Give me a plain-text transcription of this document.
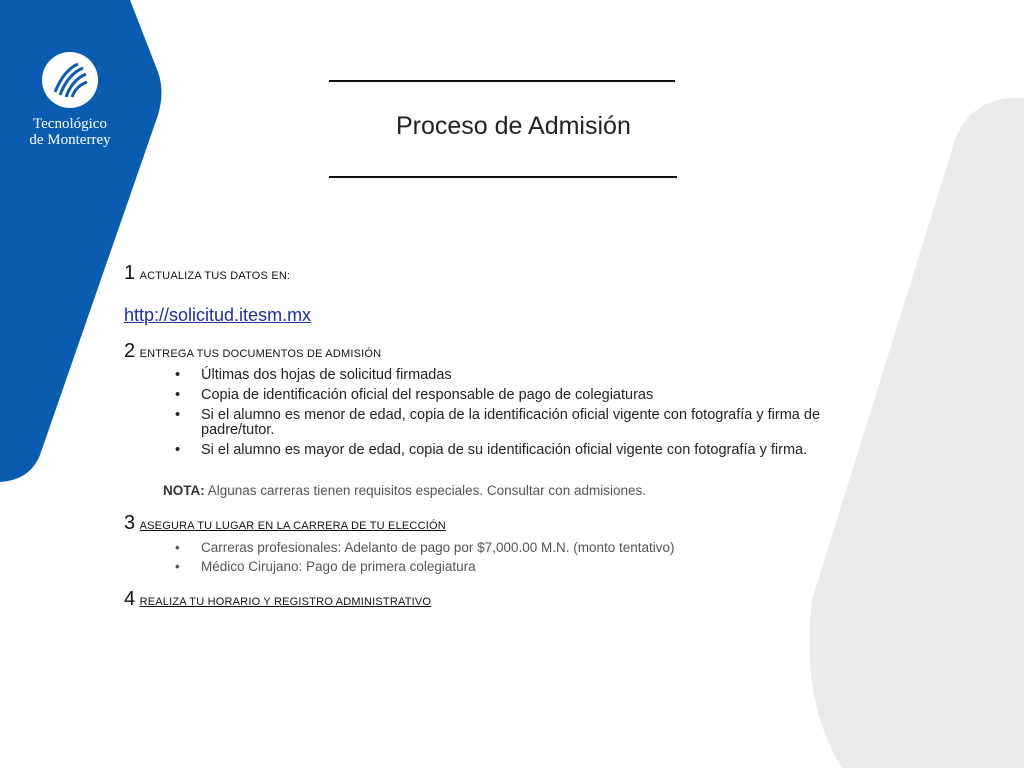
Tecnológico
de Monterrey	Proceso de Admisión
1 ACTUALIZA TUS DATOS EN:
http://solicitud.itesm.mx
2 ENTREGA TUS DOCUMENTOS DE ADMISIÓN
• Últimas dos hojas de solicitud firmadas
• Copia de identificación oficial del responsable de pago de colegiaturas
• Si el alumno es menor de edad, copia de la identificación oficial vigente con fotografía y firma de padre/tutor.
• Si el alumno es mayor de edad, copia de su identificación oficial vigente con fotografía y firma.
NOTA: Algunas carreras tienen requisitos especiales. Consultar con admisiones.
3 ASEGURA TU LUGAR EN LA CARRERA DE TU ELECCIÓN
• Carreras profesionales: Adelanto de pago por $7,000.00 M.N. (monto tentativo)
• Médico Cirujano: Pago de primera colegiatura
4 REALIZA TU HORARIO Y REGISTRO ADMINISTRATIVO
